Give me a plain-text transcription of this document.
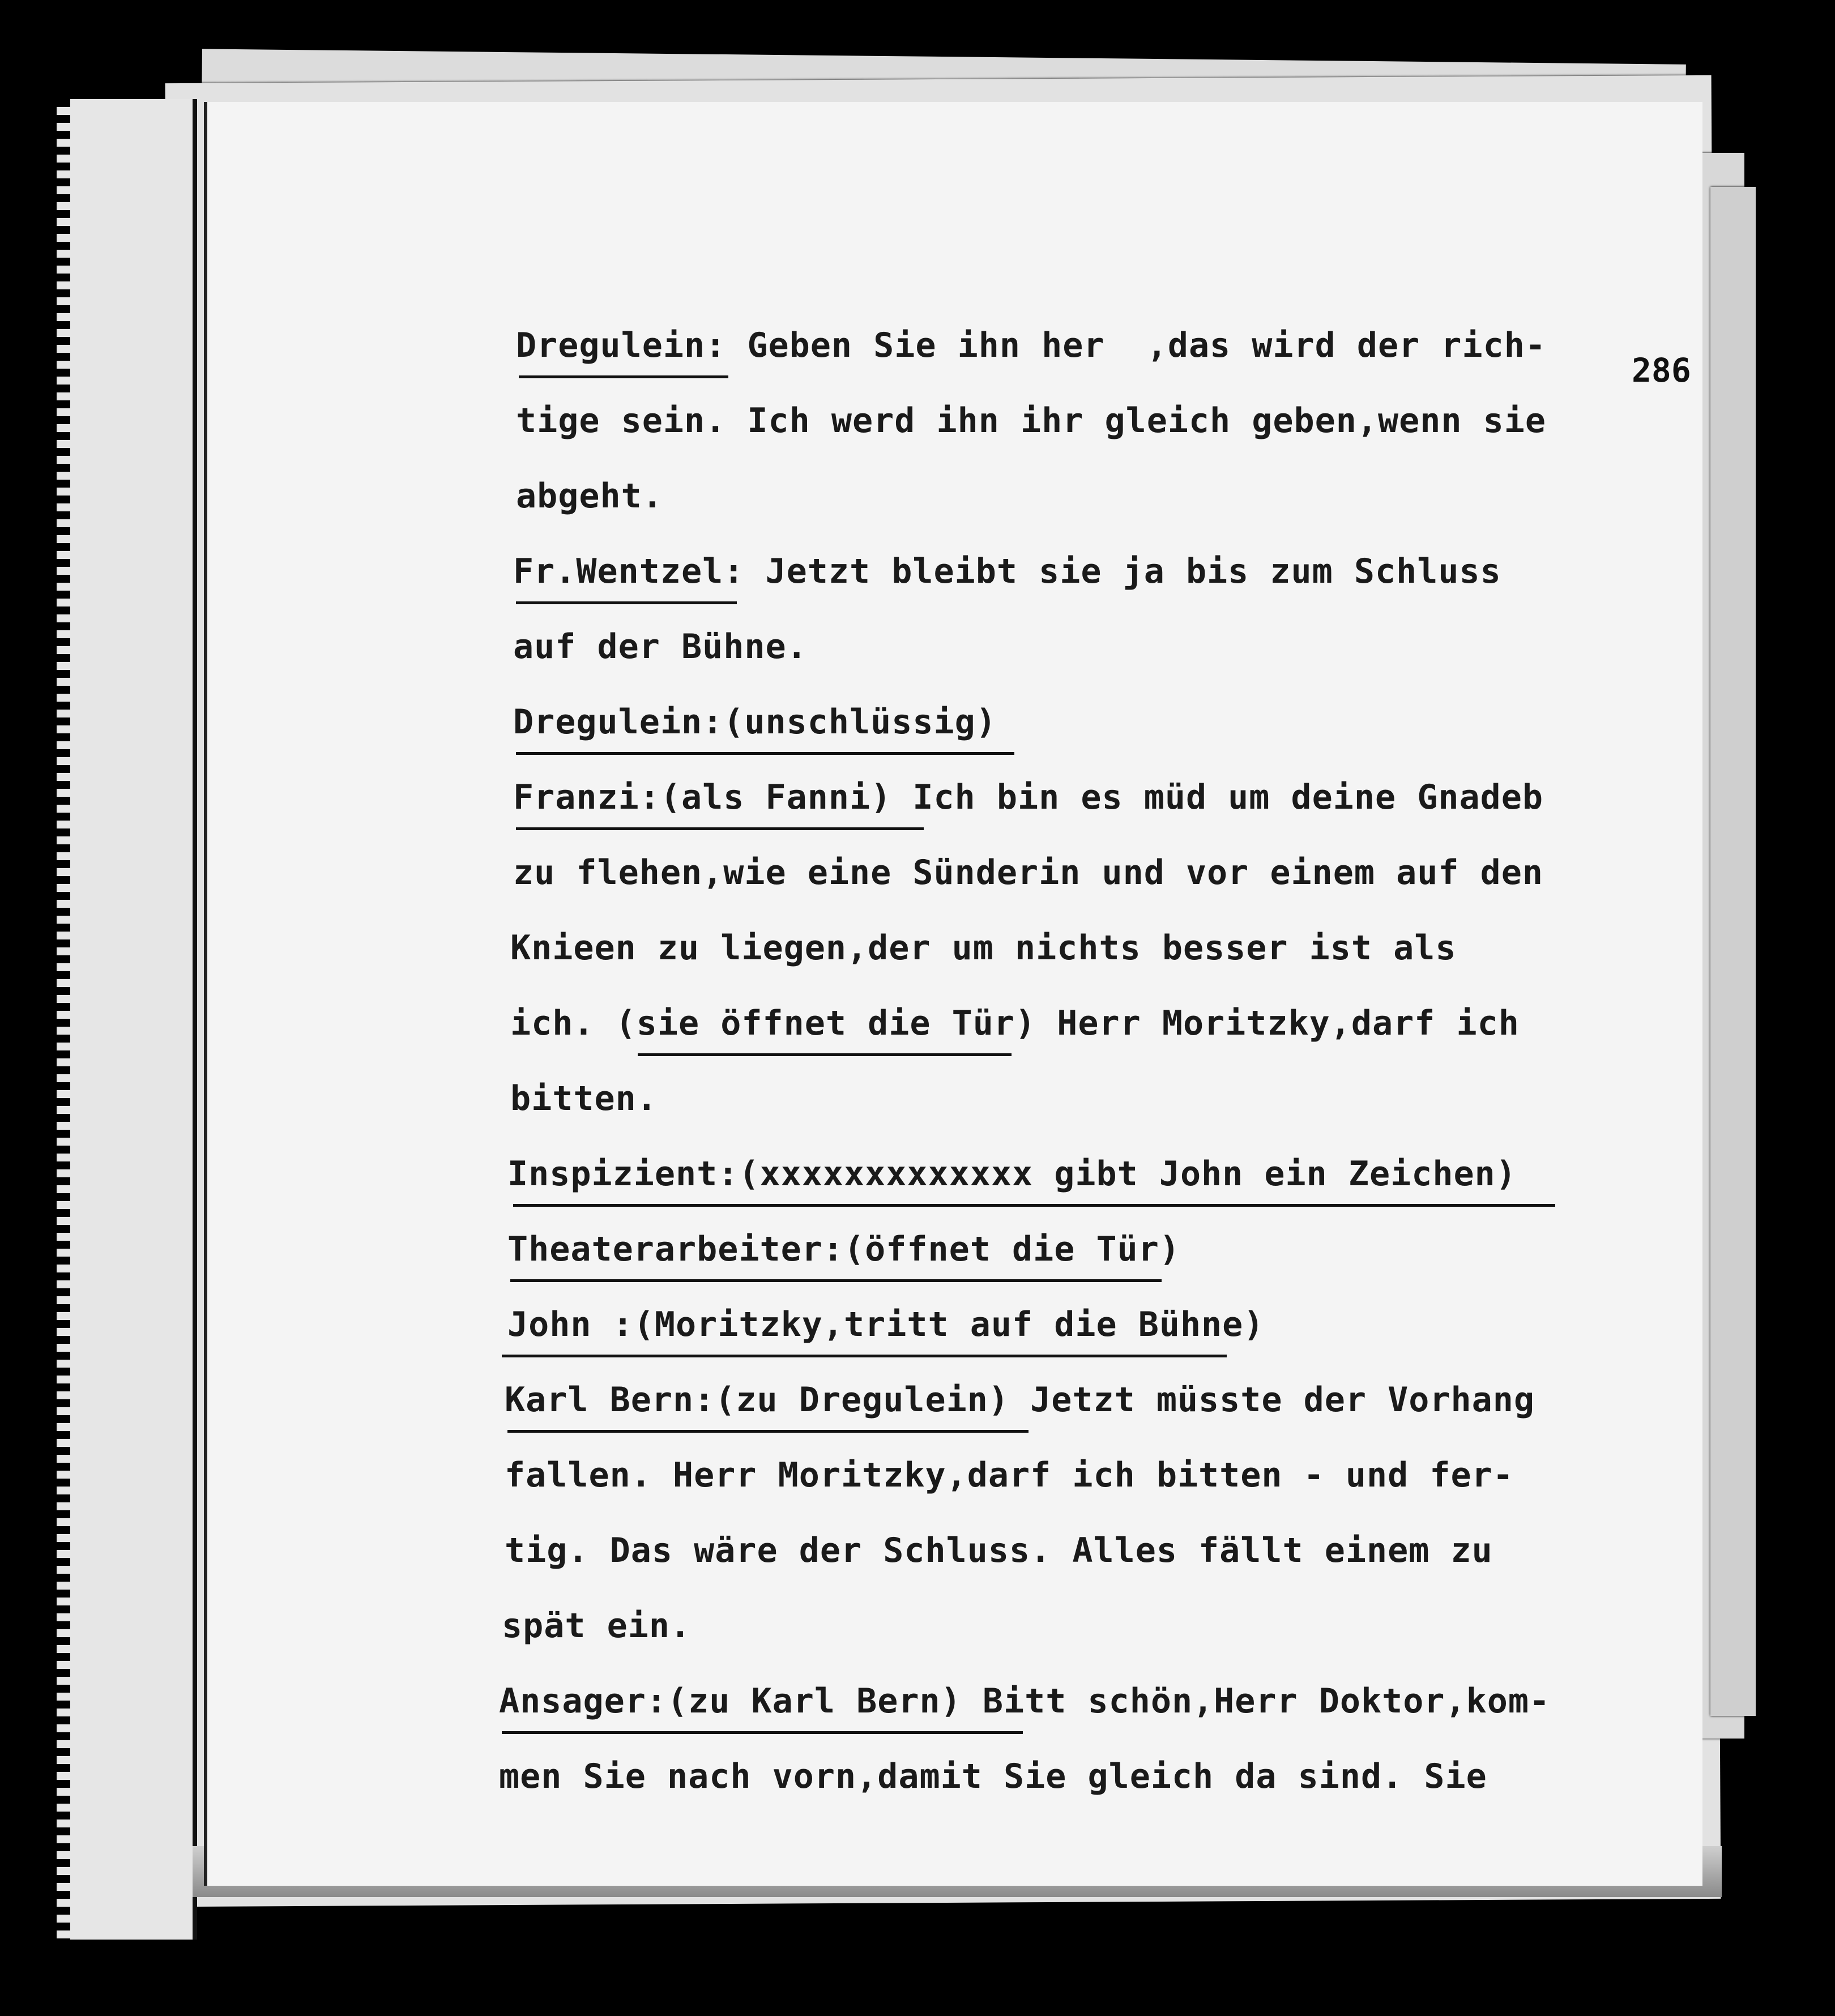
286
Dregulein: Geben Sie ihn her  ,das wird der rich-
tige sein. Ich werd ihn ihr gleich geben,wenn sie
abgeht.
Fr.Wentzel: Jetzt bleibt sie ja bis zum Schluss
auf der Bühne.
Dregulein:(unschlüssig)
Franzi:(als Fanni) Ich bin es müd um deine Gnadeb
zu flehen,wie eine Sünderin und vor einem auf den
Knieen zu liegen,der um nichts besser ist als
ich. (sie öffnet die Tür) Herr Moritzky,darf ich
bitten.
Inspizient:(xxxxxxxxxxxxx gibt John ein Zeichen)
Theaterarbeiter:(öffnet die Tür)
John :(Moritzky,tritt auf die Bühne)
Karl Bern:(zu Dregulein) Jetzt müsste der Vorhang
fallen. Herr Moritzky,darf ich bitten - und fer-
tig. Das wäre der Schluss. Alles fällt einem zu
spät ein.
Ansager:(zu Karl Bern) Bitt schön,Herr Doktor,kom-
men Sie nach vorn,damit Sie gleich da sind. Sie
